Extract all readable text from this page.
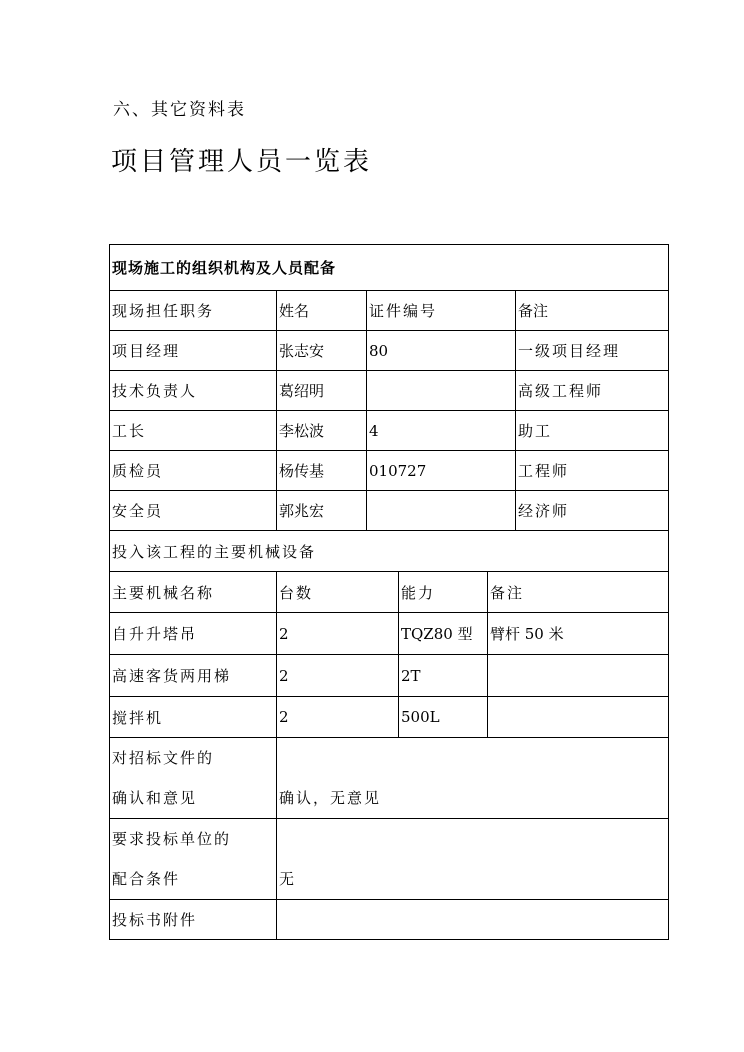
六、其它资料表
项目管理人员一览表
现场施工的组织机构及人员配备					
现场担任职务	姓名	证件编号			备注
项目经理	张志安	80			一级项目经理
技术负责人	葛绍明				高级工程师
工长	李松波	4			助工
质检员	杨传基	010727			工程师
安全员	郭兆宏				经济师
投入该工程的主要机械设备					
主要机械名称	台数		能力	备注	
自升升塔吊	2		TQZ80 型	臂杆 50 米	
高速客货两用梯	2		2T		
搅拌机	2		500L		

对招标文件的
确认和意见	确认，无意见				

要求投标单位的
配合条件	无				
投标书附件					
